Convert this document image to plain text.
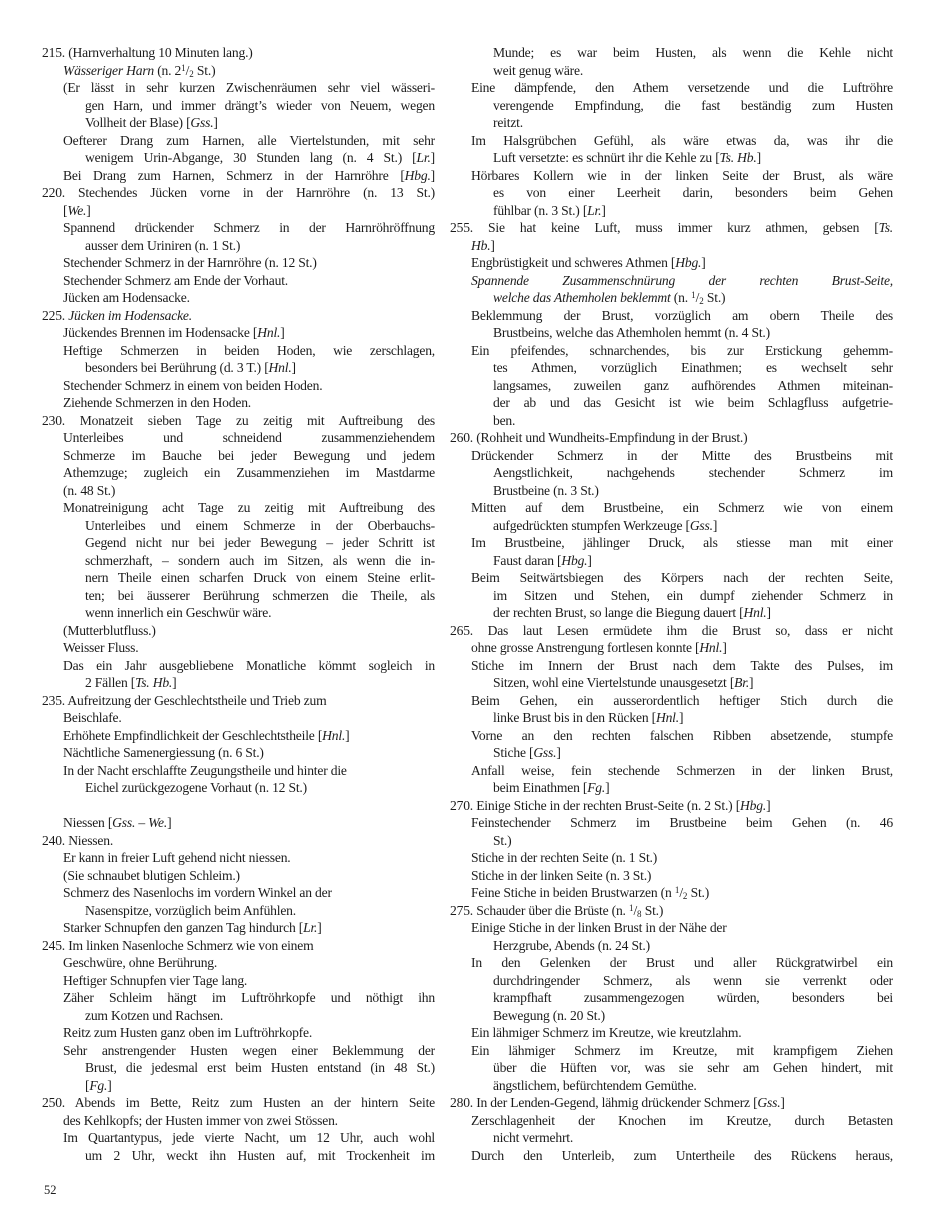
215. (Harnverhaltung 10 Minuten lang.)
Wässeriger Harn (n. $2^1/2$ St.)
(Er lässt in sehr kurzen Zwischenräumen sehr viel wässeri-
gen Harn, und immer drängt’s wieder von Neuem, wegen
Vollheit der Blase) [Gss.]
Oefterer Drang zum Harnen, alle Viertelstunden, mit sehr
wenigem Urin-Abgange, 30 Stunden lang (n. 4 St.) [Lr.]
Bei Drang zum Harnen, Schmerz in der Harnröhre [Hbg.]
220. Stechendes Jücken vorne in der Harnröhre (n. 13 St.)
[We.]
Spannend drückender Schmerz in der Harnröhröffnung
ausser dem Uriniren (n. 1 St.)
Stechender Schmerz in der Harnröhre (n. 12 St.)
Stechender Schmerz am Ende der Vorhaut.
Jücken am Hodensacke.
225. Jücken im Hodensacke.
Jückendes Brennen im Hodensacke [Hnl.]
Heftige Schmerzen in beiden Hoden, wie zerschlagen,
besonders bei Berührung (d. 3 T.) [Hnl.]
Stechender Schmerz in einem von beiden Hoden.
Ziehende Schmerzen in den Hoden.
230. Monatzeit sieben Tage zu zeitig mit Auftreibung des
Unterleibes und schneidend zusammenziehendem
Schmerze im Bauche bei jeder Bewegung und jedem
Athemzuge; zugleich ein Zusammenziehen im Mastdarme
(n. 48 St.)
Monatreinigung acht Tage zu zeitig mit Auftreibung des
Unterleibes und einem Schmerze in der Oberbauchs-
Gegend nicht nur bei jeder Bewegung – jeder Schritt ist
schmerzhaft, – sondern auch im Sitzen, als wenn die in-
nern Theile einen scharfen Druck von einem Steine erlit-
ten; bei äusserer Berührung schmerzen die Theile, als
wenn innerlich ein Geschwür wäre.
(Mutterblutfluss.)
Weisser Fluss.
Das ein Jahr ausgebliebene Monatliche kömmt sogleich in
2 Fällen [Ts. Hb.]
235. Aufreitzung der Geschlechtstheile und Trieb zum
Beischlafe.
Erhöhete Empfindlichkeit der Geschlechtstheile [Hnl.]
Nächtliche Samenergiessung (n. 6 St.)
In der Nacht erschlaffte Zeugungstheile und hinter die
Eichel zurückgezogene Vorhaut (n. 12 St.)

Niessen [Gss. – We.]
240. Niessen.
Er kann in freier Luft gehend nicht niessen.
(Sie schnaubet blutigen Schleim.)
Schmerz des Nasenlochs im vordern Winkel an der
Nasenspitze, vorzüglich beim Anfühlen.
Starker Schnupfen den ganzen Tag hindurch [Lr.]
245. Im linken Nasenloche Schmerz wie von einem
Geschwüre, ohne Berührung.
Heftiger Schnupfen vier Tage lang.
Zäher Schleim hängt im Luftröhrkopfe und nöthigt ihn
zum Kotzen und Rachsen.
Reitz zum Husten ganz oben im Luftröhrkopfe.
Sehr anstrengender Husten wegen einer Beklemmung der
Brust, die jedesmal erst beim Husten entstand (in 48 St.)
[Fg.]
250. Abends im Bette, Reitz zum Husten an der hintern Seite
des Kehlkopfs; der Husten immer von zwei Stössen.
Im Quartantypus, jede vierte Nacht, um 12 Uhr, auch wohl
um 2 Uhr, weckt ihn Husten auf, mit Trockenheit im
Munde; es war beim Husten, als wenn die Kehle nicht
weit genug wäre.
Eine dämpfende, den Athem versetzende und die Luftröhre
verengende Empfindung, die fast beständig zum Husten
reitzt.
Im Halsgrübchen Gefühl, als wäre etwas da, was ihr die
Luft versetzte: es schnürt ihr die Kehle zu [Ts. Hb.]
Hörbares Kollern wie in der linken Seite der Brust, als wäre
es von einer Leerheit darin, besonders beim Gehen
fühlbar (n. 3 St.) [Lr.]
255. Sie hat keine Luft, muss immer kurz athmen, gebsen [Ts.
Hb.]
Engbrüstigkeit und schweres Athmen [Hbg.]
Spannende Zusammenschnürung der rechten Brust-Seite,
welche das Athemholen beklemmt (n. $^1$/2 St.)
Beklemmung der Brust, vorzüglich am obern Theile des
Brustbeins, welche das Athemholen hemmt (n. 4 St.)
Ein pfeifendes, schnarchendes, bis zur Erstickung gehemm-
tes Athmen, vorzüglich Einathmen; es wechselt sehr
langsames, zuweilen ganz aufhörendes Athmen miteinan-
der ab und das Gesicht ist wie beim Schlagfluss aufgetrie-
ben.
260. (Rohheit und Wundheits-Empfindung in der Brust.)
Drückender Schmerz in der Mitte des Brustbeins mit
Aengstlichkeit, nachgehends stechender Schmerz im
Brustbeine (n. 3 St.)
Mitten auf dem Brustbeine, ein Schmerz wie von einem
aufgedrückten stumpfen Werkzeuge [Gss.]
Im Brustbeine, jählinger Druck, als stiesse man mit einer
Faust daran [Hbg.]
Beim Seitwärtsbiegen des Körpers nach der rechten Seite,
im Sitzen und Stehen, ein dumpf ziehender Schmerz in
der rechten Brust, so lange die Biegung dauert [Hnl.]
265. Das laut Lesen ermüdete ihm die Brust so, dass er nicht
ohne grosse Anstrengung fortlesen konnte [Hnl.]
Stiche im Innern der Brust nach dem Takte des Pulses, im
Sitzen, wohl eine Viertelstunde unausgesetzt [Br.]
Beim Gehen, ein ausserordentlich heftiger Stich durch die
linke Brust bis in den Rücken [Hnl.]
Vorne an den rechten falschen Ribben absetzende, stumpfe
Stiche [Gss.]
Anfall weise, fein stechende Schmerzen in der linken Brust,
beim Einathmen [Fg.]
270. Einige Stiche in der rechten Brust-Seite (n. 2 St.) [Hbg.]
Feinstechender Schmerz im Brustbeine beim Gehen (n. 46
St.)
Stiche in der rechten Seite (n. 1 St.)
Stiche in der linken Seite (n. 3 St.)
Feine Stiche in beiden Brustwarzen (n $^1$/2 St.)
275. Schauder über die Brüste (n. $^1$/8 St.)
Einige Stiche in der linken Brust in der Nähe der
Herzgrube, Abends (n. 24 St.)
In den Gelenken der Brust und aller Rückgratwirbel ein
durchdringender Schmerz, als wenn sie verrenkt oder
krampfhaft zusammengezogen würden, besonders bei
Bewegung (n. 20 St.)
Ein lähmiger Schmerz im Kreutze, wie kreutzlahm.
Ein lähmiger Schmerz im Kreutze, mit krampfigem Ziehen
über die Hüften vor, was sie sehr am Gehen hindert, mit
ängstlichem, befürchtendem Gemüthe.
280. In der Lenden-Gegend, lähmig drückender Schmerz [Gss.]
Zerschlagenheit der Knochen im Kreutze, durch Betasten
nicht vermehrt.
Durch den Unterleib, zum Untertheile des Rückens heraus,
52
